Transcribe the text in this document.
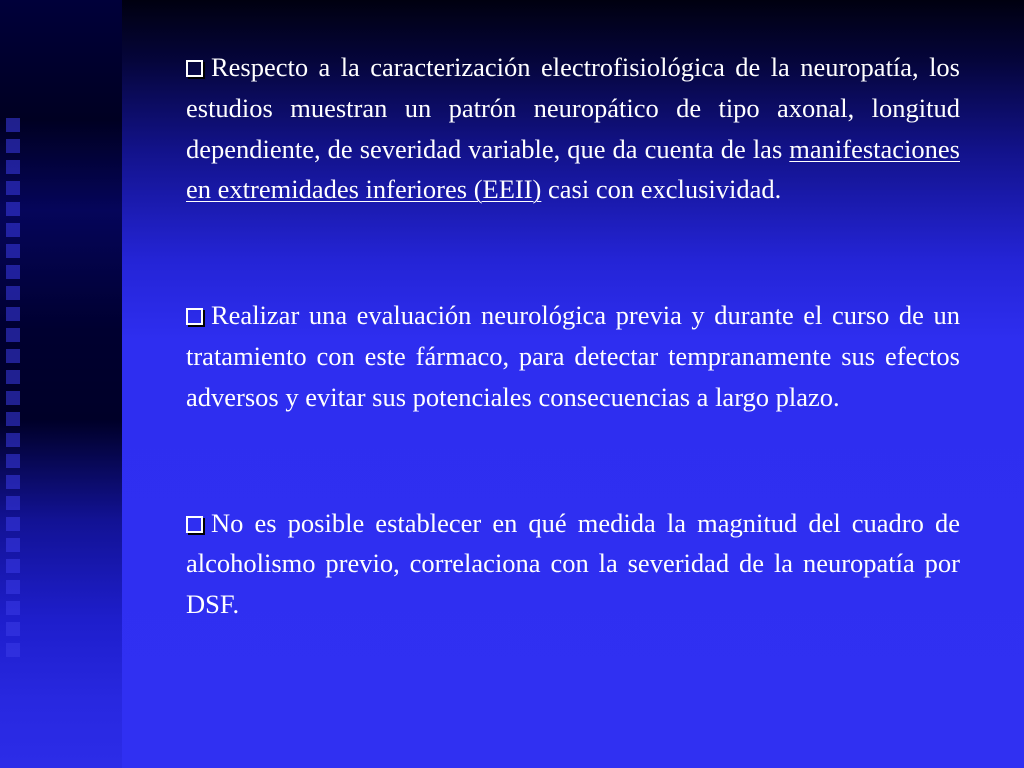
Respecto a la caracterización electrofisiológica de la neuropatía, los estudios muestran un patrón neuropático de tipo axonal, longitud dependiente, de severidad variable, que da cuenta de las manifestaciones en extremidades inferiores (EEII) casi con exclusividad.

Realizar una evaluación neurológica previa y durante el curso de un tratamiento con este fármaco, para detectar tempranamente sus efectos adversos y evitar sus potenciales consecuencias a largo plazo.

No es posible establecer en qué medida la magnitud del cuadro de alcoholismo previo, correlaciona con la severidad de la neuropatía por DSF.
